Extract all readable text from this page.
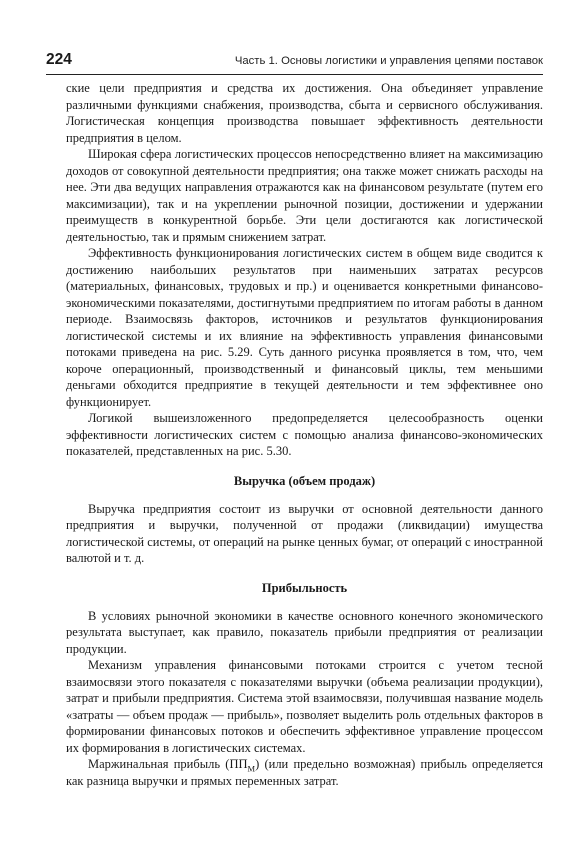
224	Часть 1. Основы логистики и управления цепями поставок

ские цели предприятия и средства их достижения. Она объединяет управление различными функциями снабжения, производства, сбыта и сервисного обслуживания. Логистическая концепция производства повышает эффективность деятельности предприятия в целом.

Широкая сфера логистических процессов непосредственно влияет на максимизацию доходов от совокупной деятельности предприятия; она также может снижать расходы на нее. Эти два ведущих направления отражаются как на финансовом результате (путем его максимизации), так и на укреплении рыночной позиции, достижении и удержании преимуществ в конкурентной борьбе. Эти цели достигаются как логистической деятельностью, так и прямым снижением затрат.

Эффективность функционирования логистических систем в общем виде сводится к достижению наибольших результатов при наименьших затратах ресурсов (материальных, финансовых, трудовых и пр.) и оценивается конкретными финансово-экономическими показателями, достигнутыми предприятием по итогам работы в данном периоде. Взаимосвязь факторов, источников и результатов функционирования логистической системы и их влияние на эффективность управления финансовыми потоками приведена на рис. 5.29. Суть данного рисунка проявляется в том, что, чем короче операционный, производственный и финансовый циклы, тем меньшими деньгами обходится предприятие в текущей деятельности и тем эффективнее оно функционирует.

Логикой вышеизложенного предопределяется целесообразность оценки эффективности логистических систем с помощью анализа финансово-экономических показателей, представленных на рис. 5.30.

Выручка (объем продаж)

Выручка предприятия состоит из выручки от основной деятельности данного предприятия и выручки, полученной от продажи (ликвидации) имущества логистической системы, от операций на рынке ценных бумаг, от операций с иностранной валютой и т. д.

Прибыльность

В условиях рыночной экономики в качестве основного конечного экономического результата выступает, как правило, показатель прибыли предприятия от реализации продукции.

Механизм управления финансовыми потоками строится с учетом тесной взаимосвязи этого показателя с показателями выручки (объема реализации продукции), затрат и прибыли предприятия. Система этой взаимосвязи, получившая название модель «затраты — объем продаж — прибыль», позволяет выделить роль отдельных факторов в формировании финансовых потоков и обеспечить эффективное управление процессом их формирования в логистических системах.

Маржинальная прибыль $(ПП_М)$ (или предельно возможная) прибыль определяется как разница выручки и прямых переменных затрат.
